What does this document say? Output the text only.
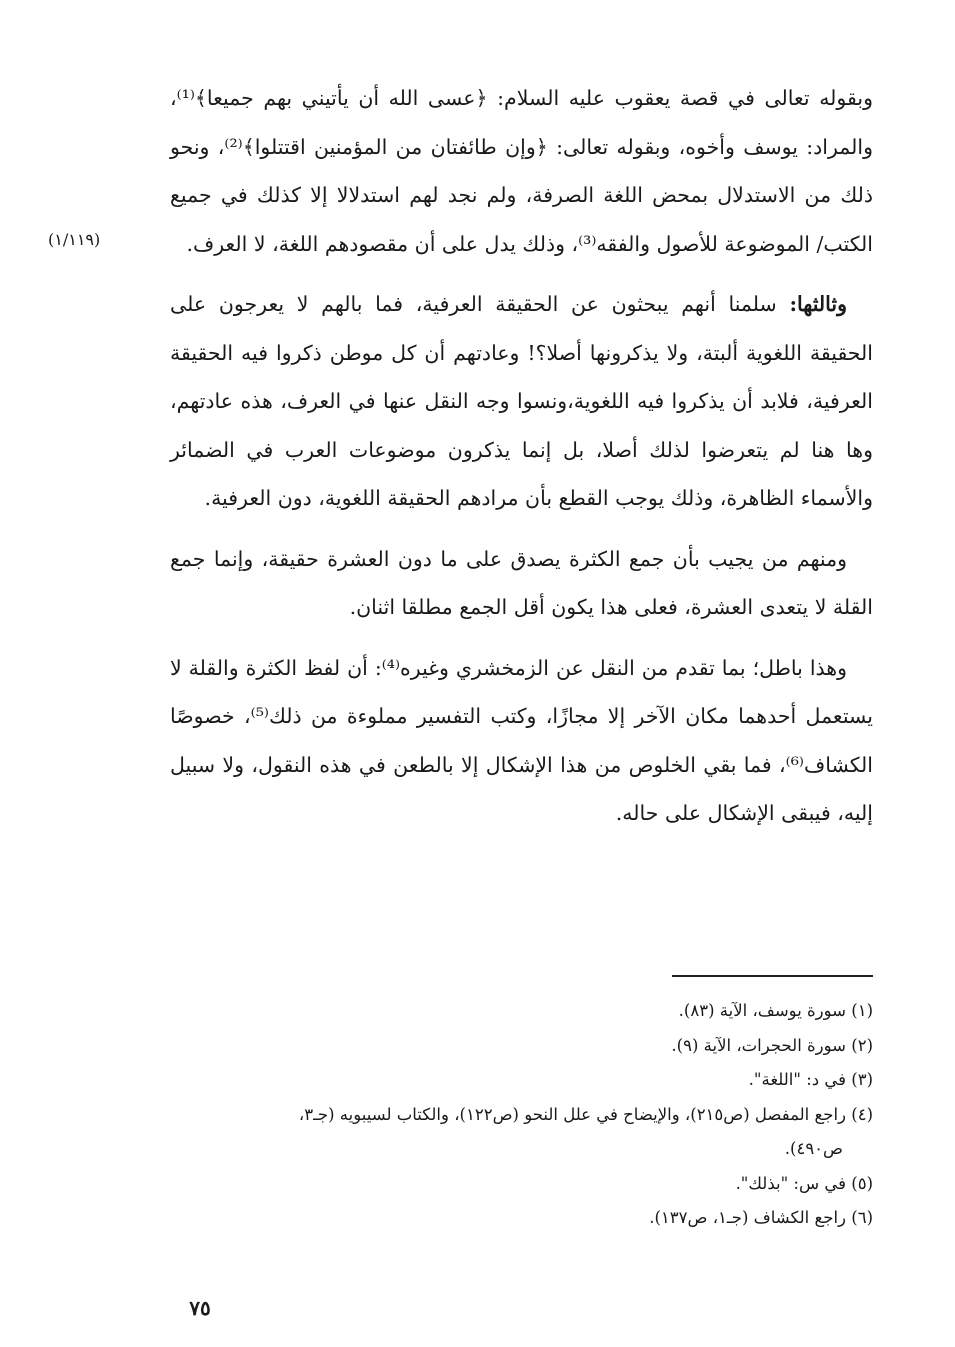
(١/١١٩)

وبقوله تعالى في قصة يعقوب عليه السلام: ﴿عسى الله أن يأتيني بهم جميعا﴾⁽¹⁾، والمراد: يوسف وأخوه، وبقوله تعالى: ﴿وإن طائفتان من المؤمنين اقتتلوا﴾⁽²⁾، ونحو ذلك من الاستدلال بمحض اللغة الصرفة، ولم نجد لهم استدلالا إلا كذلك في جميع الكتب/ الموضوعة للأصول والفقه⁽³⁾، وذلك يدل على أن مقصودهم اللغة، لا العرف.

وثالثها: سلمنا أنهم يبحثون عن الحقيقة العرفية، فما بالهم لا يعرجون على الحقيقة اللغوية ألبتة، ولا يذكرونها أصلا؟! وعادتهم أن كل موطن ذكروا فيه الحقيقة العرفية، فلابد أن يذكروا فيه اللغوية،ونسوا وجه النقل عنها في العرف، هذه عادتهم، وها هنا لم يتعرضوا لذلك أصلا، بل إنما يذكرون موضوعات العرب في الضمائر والأسماء الظاهرة، وذلك يوجب القطع بأن مرادهم الحقيقة اللغوية، دون العرفية.

ومنهم من يجيب بأن جمع الكثرة يصدق على ما دون العشرة حقيقة، وإنما جمع القلة لا يتعدى العشرة، فعلى هذا يكون أقل الجمع مطلقا اثنان.

وهذا باطل؛ بما تقدم من النقل عن الزمخشري وغيره⁽⁴⁾: أن لفظ الكثرة والقلة لا يستعمل أحدهما مكان الآخر إلا مجازًا، وكتب التفسير مملوءة من ذلك⁽⁵⁾، خصوصًا الكشاف⁽⁶⁾، فما بقي الخلوص من هذا الإشكال إلا بالطعن في هذه النقول، ولا سبيل إليه، فيبقى الإشكال على حاله.

(١) سورة يوسف، الآية (٨٣).

(٢) سورة الحجرات، الآية (٩).

(٣) في د: "اللغة".

(٤) راجع المفصل (ص٢١٥)، والإيضاح في علل النحو (ص١٢٢)، والكتاب لسيبويه (جـ٣،

ص٤٩٠).

(٥) في س: "بذلك".

(٦) راجع الكشاف (جـ١، ص١٣٧).

٧٥
